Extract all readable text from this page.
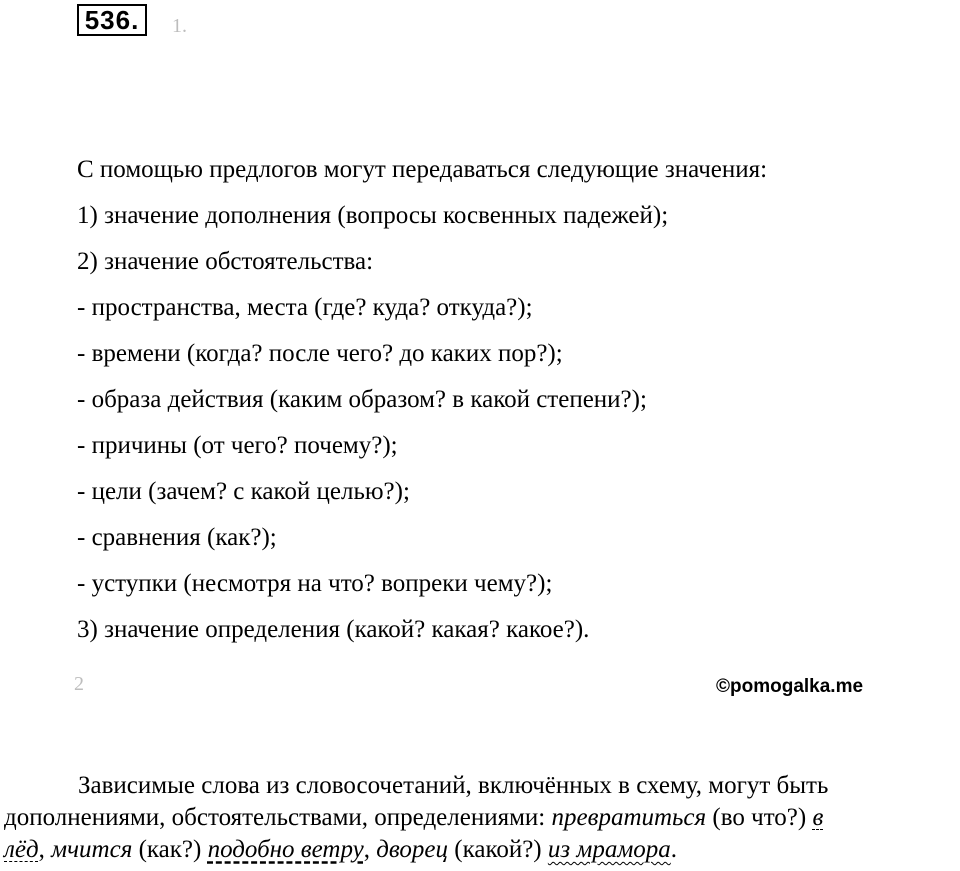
536.	1.
С помощью предлогов могут передаваться следующие значения:
1) значение дополнения (вопросы косвенных падежей);
2) значение обстоятельства:
- пространства, места (где? куда? откуда?);
- времени (когда? после чего? до каких пор?);
- образа действия (каким образом? в какой степени?);
- причины (от чего? почему?);
- цели (зачем? с какой целью?);
- сравнения (как?);
- уступки (несмотря на что? вопреки чему?);
3) значение определения (какой? какая? какое?).
2	©pomogalka.me
Зависимые слова из словосочетаний, включённых в схему, могут быть
дополнениями, обстоятельствами, определениями: превратиться (во что?) в
лёд, мчится (как?) подобно ветру, дворец (какой?) из мрамора.
